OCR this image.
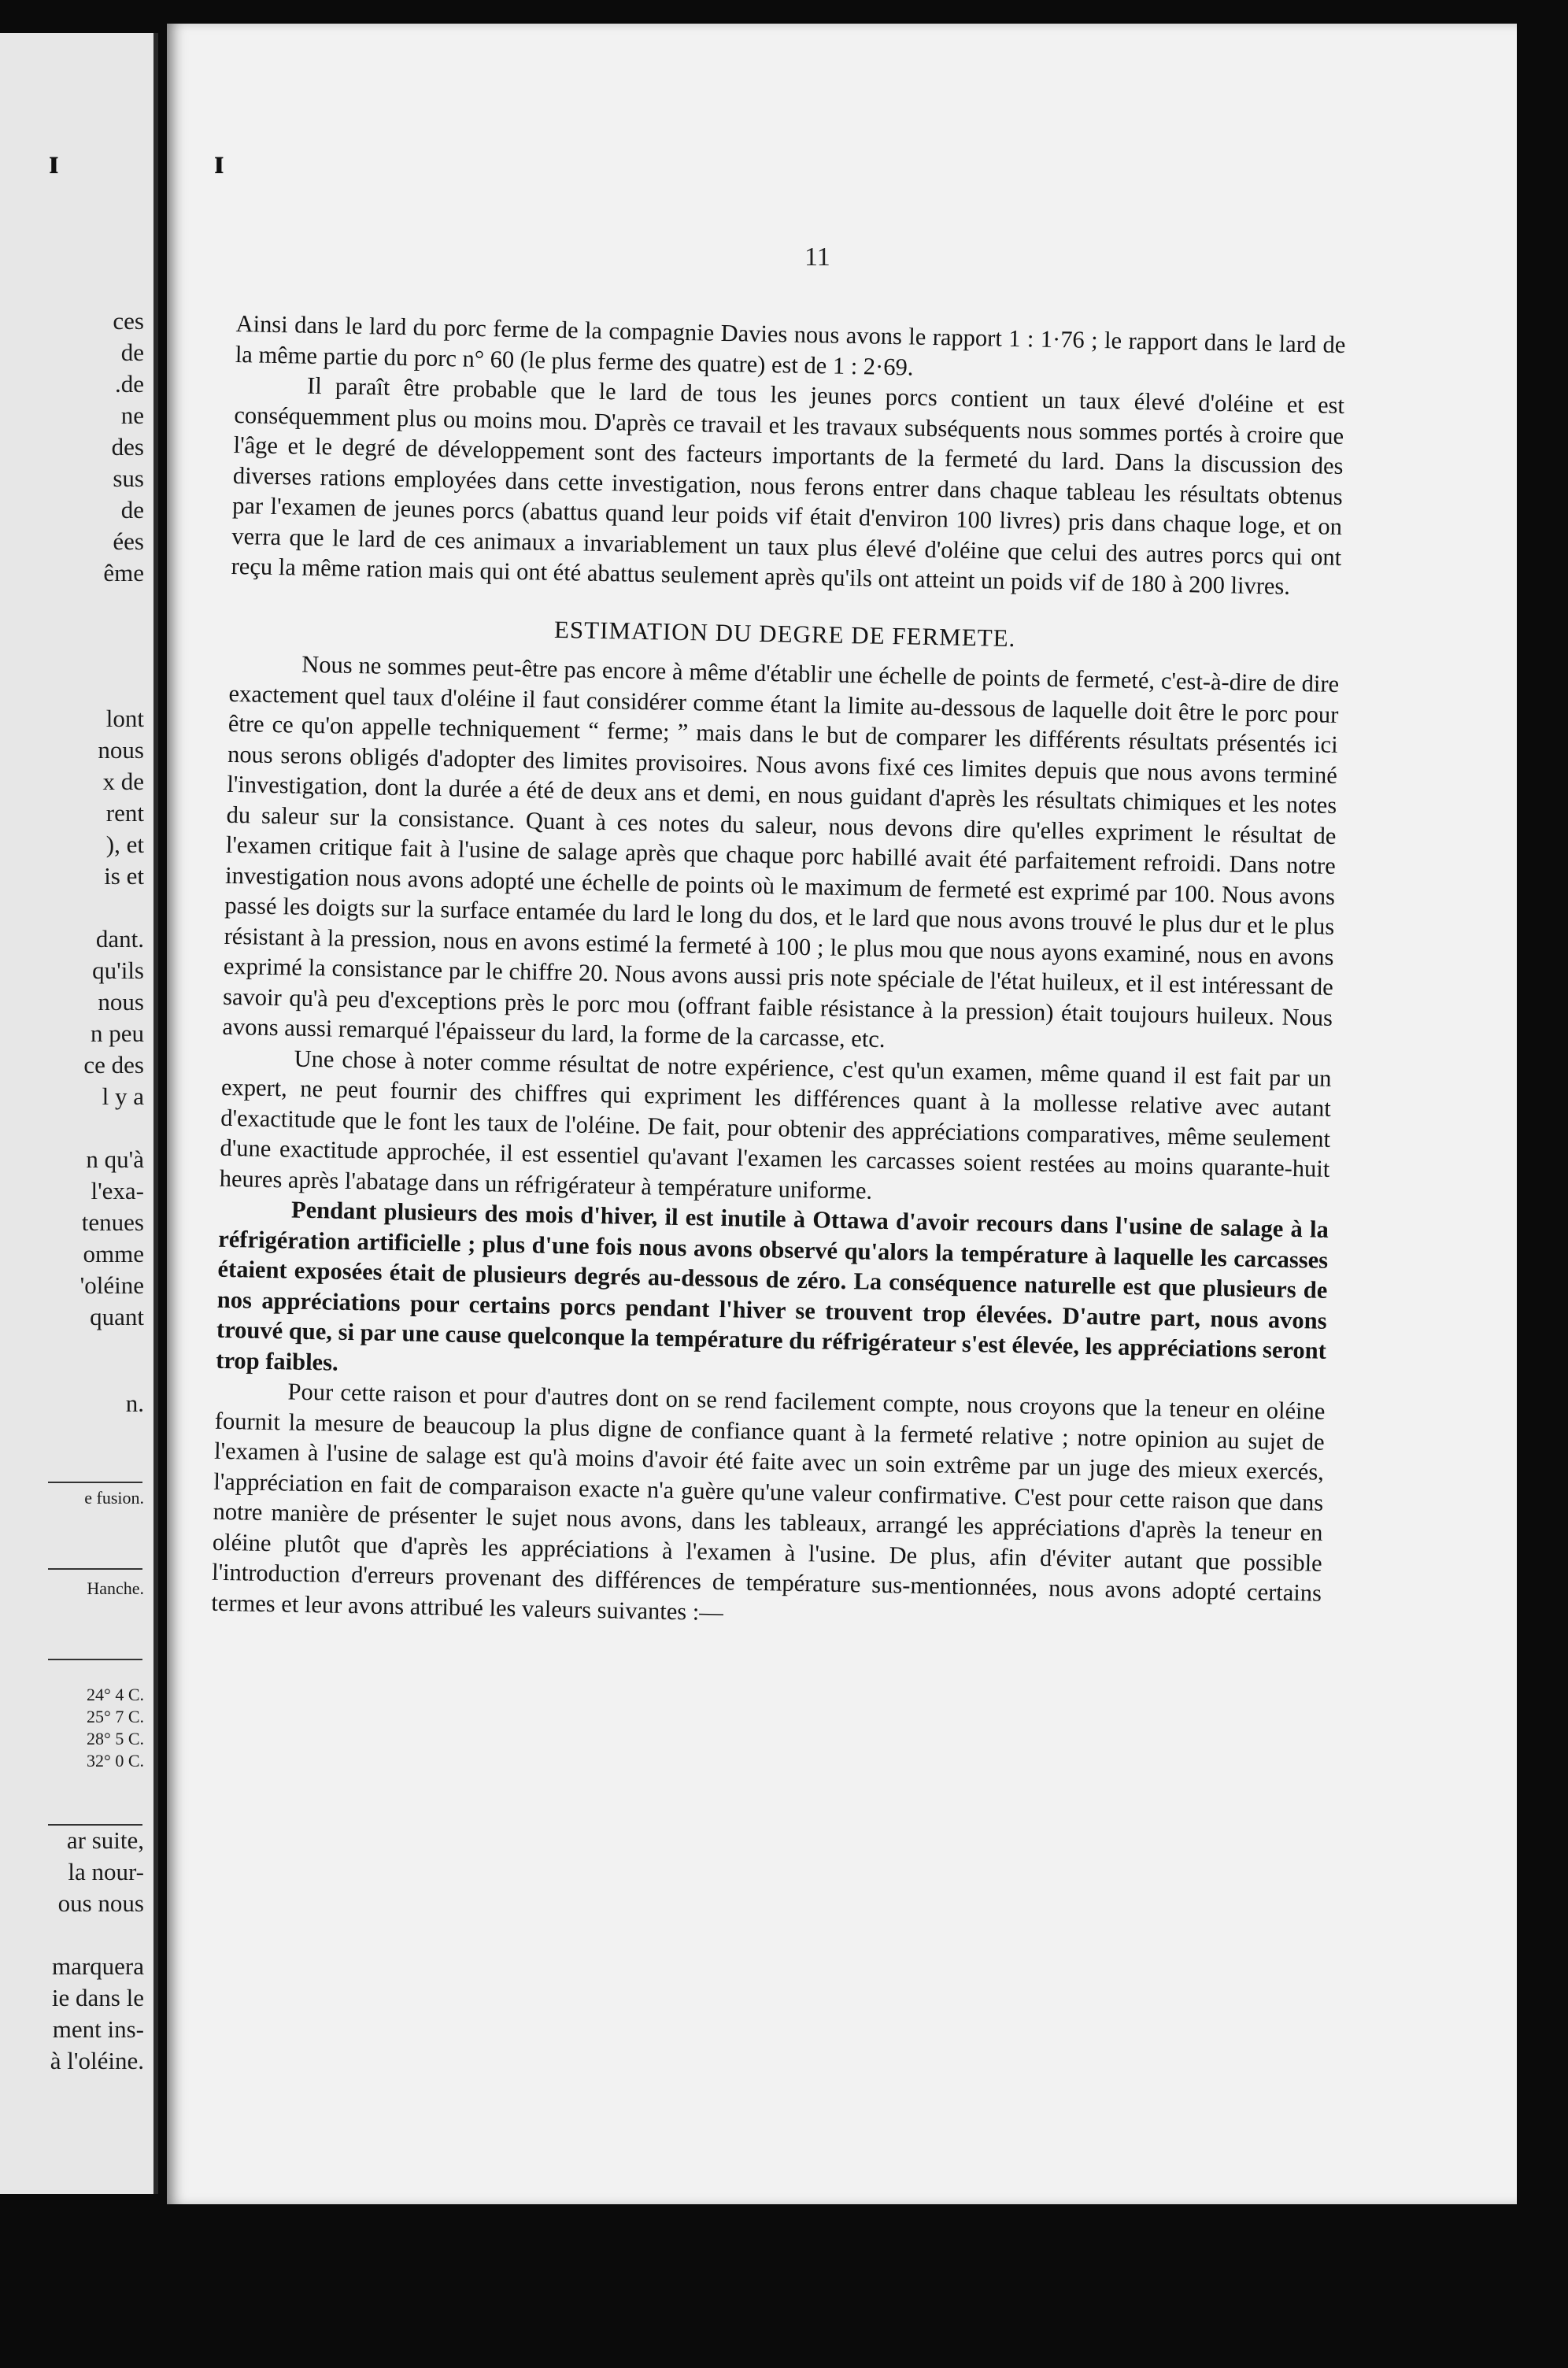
ces
de
.de
ne
des
sus
de
ées
ême
lont
nous
x de
rent
), et
is et
dant.
qu'ils
nous
n peu
ce des
l y a
n qu'à
l'exa-
tenues
omme
'oléine
quant
n.
e fusion.
Hanche.
24° 4 C.
25° 7 C.
28° 5 C.
32° 0 C.
ar suite,
la nour-
ous nous
marquera
ie dans le
ment ins-
à l'oléine.
ɪ
11

Ainsi dans le lard du porc ferme de la compagnie Davies nous avons le rapport 1 : 1·76 ; le rapport dans le lard de la même partie du porc n° 60 (le plus ferme des quatre) est de 1 : 2·69.

Il paraît être probable que le lard de tous les jeunes porcs contient un taux élevé d'oléine et est conséquemment plus ou moins mou. D'après ce travail et les travaux subséquents nous sommes portés à croire que l'âge et le degré de développement sont des facteurs importants de la fermeté du lard. Dans la discussion des diverses rations employées dans cette investigation, nous ferons entrer dans chaque tableau les résultats obtenus par l'examen de jeunes porcs (abattus quand leur poids vif était d'environ 100 livres) pris dans chaque loge, et on verra que le lard de ces animaux a invariablement un taux plus élevé d'oléine que celui des autres porcs qui ont reçu la même ration mais qui ont été abattus seulement après qu'ils ont atteint un poids vif de 180 à 200 livres.

ESTIMATION DU DEGRE DE FERMETE.

Nous ne sommes peut-être pas encore à même d'établir une échelle de points de fermeté, c'est-à-dire de dire exactement quel taux d'oléine il faut considérer comme étant la limite au-dessous de laquelle doit être le porc pour être ce qu'on appelle techniquement “ ferme; ” mais dans le but de comparer les différents résultats présentés ici nous serons obligés d'adopter des limites provisoires. Nous avons fixé ces limites depuis que nous avons terminé l'investigation, dont la durée a été de deux ans et demi, en nous guidant d'après les résultats chimiques et les notes du saleur sur la consistance. Quant à ces notes du saleur, nous devons dire qu'elles expriment le résultat de l'examen critique fait à l'usine de salage après que chaque porc habillé avait été parfaitement refroidi. Dans notre investigation nous avons adopté une échelle de points où le maximum de fermeté est exprimé par 100. Nous avons passé les doigts sur la surface entamée du lard le long du dos, et le lard que nous avons trouvé le plus dur et le plus résistant à la pression, nous en avons estimé la fermeté à 100 ; le plus mou que nous ayons examiné, nous en avons exprimé la consistance par le chiffre 20. Nous avons aussi pris note spéciale de l'état huileux, et il est intéressant de savoir qu'à peu d'exceptions près le porc mou (offrant faible résistance à la pression) était toujours huileux. Nous avons aussi remarqué l'épaisseur du lard, la forme de la carcasse, etc.

Une chose à noter comme résultat de notre expérience, c'est qu'un examen, même quand il est fait par un expert, ne peut fournir des chiffres qui expriment les différences quant à la mollesse relative avec autant d'exactitude que le font les taux de l'oléine. De fait, pour obtenir des appréciations comparatives, même seulement d'une exactitude approchée, il est essentiel qu'avant l'examen les carcasses soient restées au moins quarante-huit heures après l'abatage dans un réfrigérateur à température uniforme.

Pendant plusieurs des mois d'hiver, il est inutile à Ottawa d'avoir recours dans l'usine de salage à la réfrigération artificielle ; plus d'une fois nous avons observé qu'alors la température à laquelle les carcasses étaient exposées était de plusieurs degrés au-dessous de zéro. La conséquence naturelle est que plusieurs de nos appréciations pour certains porcs pendant l'hiver se trouvent trop élevées. D'autre part, nous avons trouvé que, si par une cause quelconque la température du réfrigérateur s'est élevée, les appréciations seront trop faibles.

Pour cette raison et pour d'autres dont on se rend facilement compte, nous croyons que la teneur en oléine fournit la mesure de beaucoup la plus digne de confiance quant à la fermeté relative ; notre opinion au sujet de l'examen à l'usine de salage est qu'à moins d'avoir été faite avec un soin extrême par un juge des mieux exercés, l'appréciation en fait de comparaison exacte n'a guère qu'une valeur confirmative. C'est pour cette raison que dans notre manière de présenter le sujet nous avons, dans les tableaux, arrangé les appréciations d'après la teneur en oléine plutôt que d'après les appréciations à l'examen à l'usine. De plus, afin d'éviter autant que possible l'introduction d'erreurs provenant des différences de température sus-mentionnées, nous avons adopté certains termes et leur avons attribué les valeurs suivantes :—

ɪ
